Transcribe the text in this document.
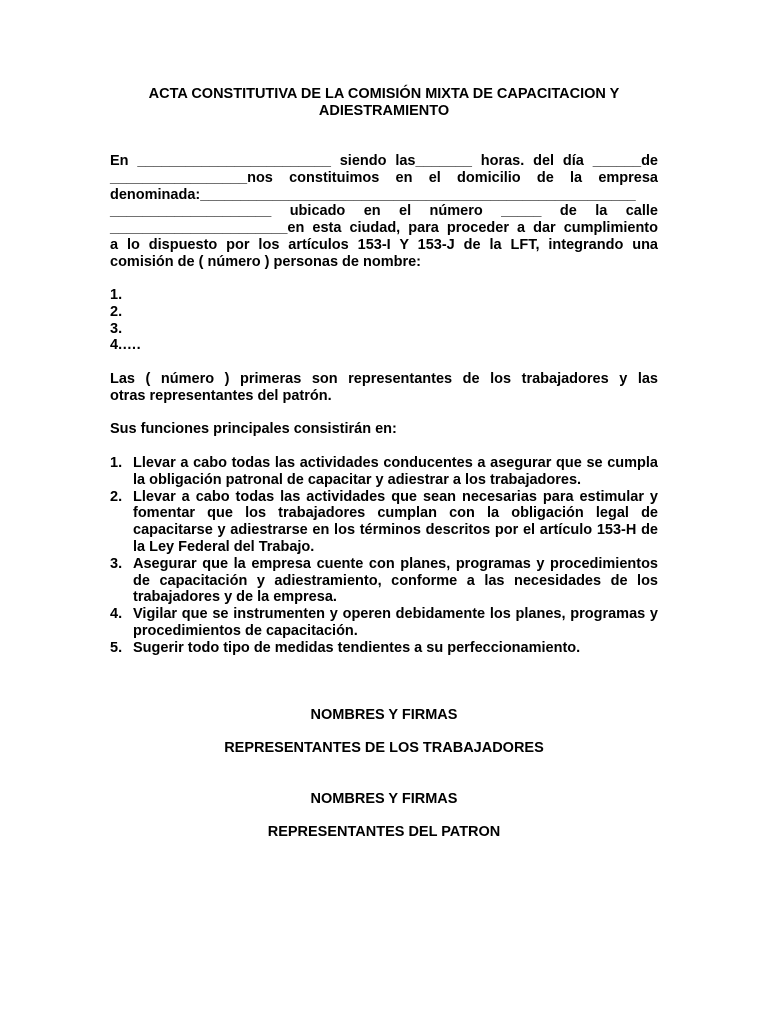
ACTA CONSTITUTIVA DE LA COMISIÓN MIXTA DE CAPACITACION Y
ADIESTRAMIENTO

En ________________________ siendo las_______ horas. del día ______de

_________________nos constituimos en el domicilio de la empresa

denominada:______________________________________________________

____________________ ubicado en el número _____ de la calle

______________________en esta ciudad, para proceder a dar cumplimiento

a lo dispuesto por los artículos 153-I Y 153-J de la LFT, integrando una

comisión de ( número ) personas de nombre:

1.
2.
3.
4.….

Las ( número ) primeras son representantes de los trabajadores y las
otras representantes del patrón.

Sus funciones principales consistirán en:

1. Llevar a cabo todas las actividades conducentes a asegurar que se cumpla la obligación patronal de capacitar y adiestrar a los trabajadores.
2. Llevar a cabo todas las actividades que sean necesarias para estimular y fomentar que los trabajadores cumplan con la obligación legal de capacitarse y adiestrarse en los términos descritos por el artículo 153-H de la Ley Federal del Trabajo.
3. Asegurar que la empresa cuente con planes, programas y procedimientos de capacitación y adiestramiento, conforme a las necesidades de los trabajadores y de la empresa.
4. Vigilar que se instrumenten y operen debidamente los planes, programas y procedimientos de capacitación.
5. Sugerir todo tipo de medidas tendientes a su perfeccionamiento.

NOMBRES Y FIRMAS

REPRESENTANTES DE LOS TRABAJADORES

NOMBRES Y FIRMAS

REPRESENTANTES DEL PATRON
